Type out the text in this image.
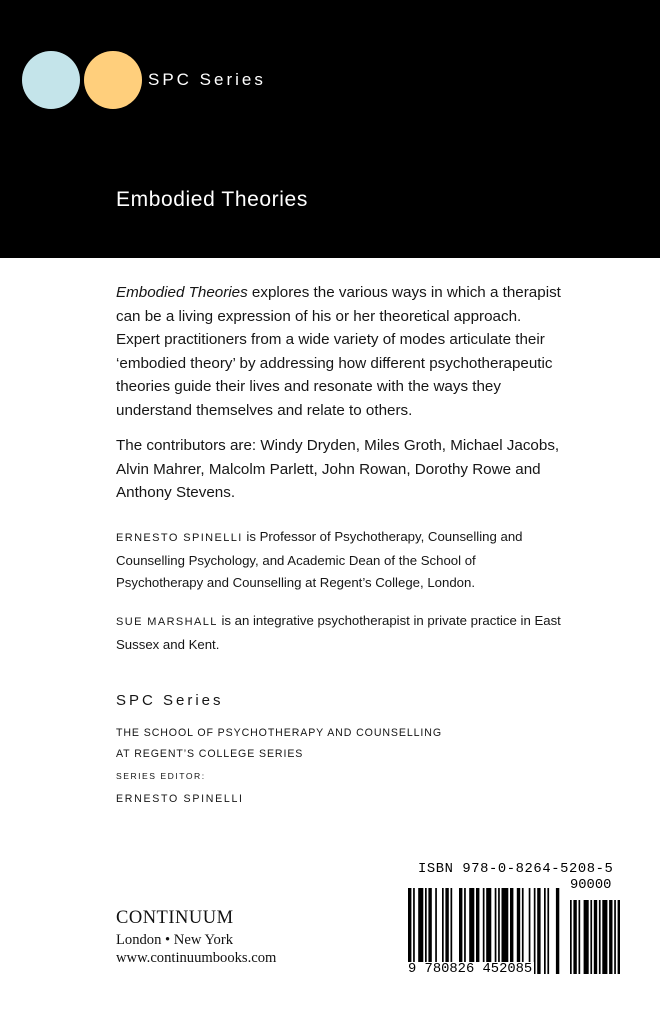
SPC Series
Embodied Theories

Embodied Theories explores the various ways in which a therapist can be a living expression of his or her theoretical approach. Expert practitioners from a wide variety of modes articulate their ‘embodied theory’ by addressing how different psychotherapeutic theories guide their lives and resonate with the ways they understand themselves and relate to others.

The contributors are: Windy Dryden, Miles Groth, Michael Jacobs, Alvin Mahrer, Malcolm Parlett, John Rowan, Dorothy Rowe and Anthony Stevens.

ERNESTO SPINELLI is Professor of Psychotherapy, Counselling and Counselling Psychology, and Academic Dean of the School of Psychotherapy and Counselling at Regent’s College, London.

SUE MARSHALL is an integrative psychotherapist in private practice in East Sussex and Kent.

SPC Series

THE SCHOOL OF PSYCHOTHERAPY AND COUNSELLING
AT REGENT’S COLLEGE SERIES

SERIES EDITOR:
ERNESTO SPINELLI
CONTINUUM
London • New York
www.continuumbooks.com
ISBN 978-0-8264-5208-5
90000
9 780826 452085
